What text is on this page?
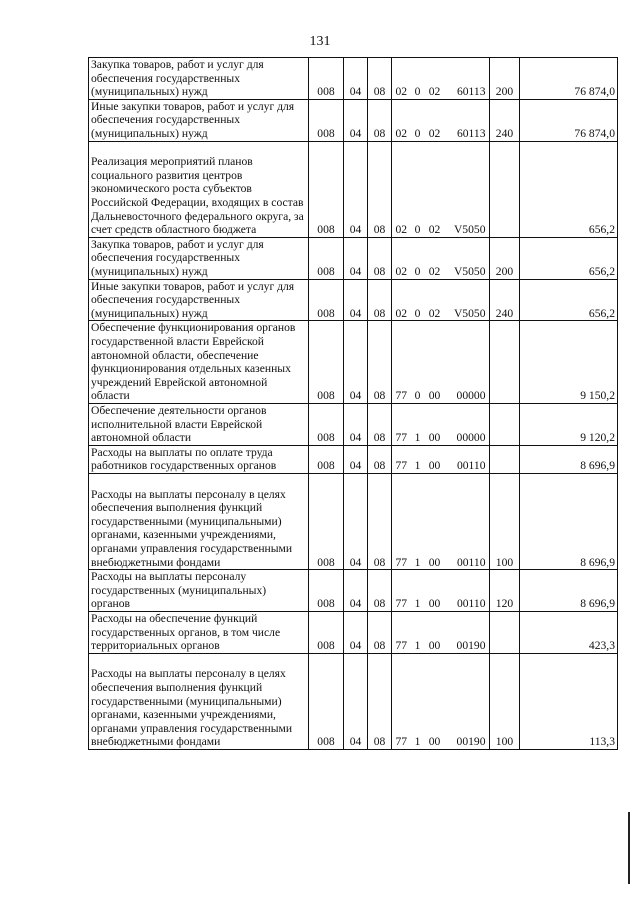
131
Закупка товаров, работ и услуг для обеспечения государственных (муниципальных) нужд	008	04	08	02 0 02 60113	200	76 874,0
Иные закупки товаров, работ и услуг для обеспечения государственных (муниципальных) нужд	008	04	08	02 0 02 60113	240	76 874,0
Реализация мероприятий планов социального развития центров экономического роста субъектов Российской Федерации, входящих в состав Дальневосточного федерального округа, за счет средств областного бюджета	008	04	08	02 0 02 V5050		656,2
Закупка товаров, работ и услуг для обеспечения государственных (муниципальных) нужд	008	04	08	02 0 02 V5050	200	656,2
Иные закупки товаров, работ и услуг для обеспечения государственных (муниципальных) нужд	008	04	08	02 0 02 V5050	240	656,2
Обеспечение функционирования органов государственной власти Еврейской автономной области, обеспечение функционирования отдельных казенных учреждений Еврейской автономной области	008	04	08	77 0 00 00000		9 150,2
Обеспечение деятельности органов исполнительной власти Еврейской автономной области	008	04	08	77 1 00 00000		9 120,2
Расходы на выплаты по оплате труда работников государственных органов	008	04	08	77 1 00 00110		8 696,9
Расходы на выплаты персоналу в целях обеспечения выполнения функций государственными (муниципальными) органами, казенными учреждениями, органами управления государственными внебюджетными фондами	008	04	08	77 1 00 00110	100	8 696,9
Расходы на выплаты персоналу государственных (муниципальных) органов	008	04	08	77 1 00 00110	120	8 696,9
Расходы на обеспечение функций государственных органов, в том числе территориальных органов	008	04	08	77 1 00 00190		423,3
Расходы на выплаты персоналу в целях обеспечения выполнения функций государственными (муниципальными) органами, казенными учреждениями, органами управления государственными внебюджетными фондами	008	04	08	77 1 00 00190	100	113,3
